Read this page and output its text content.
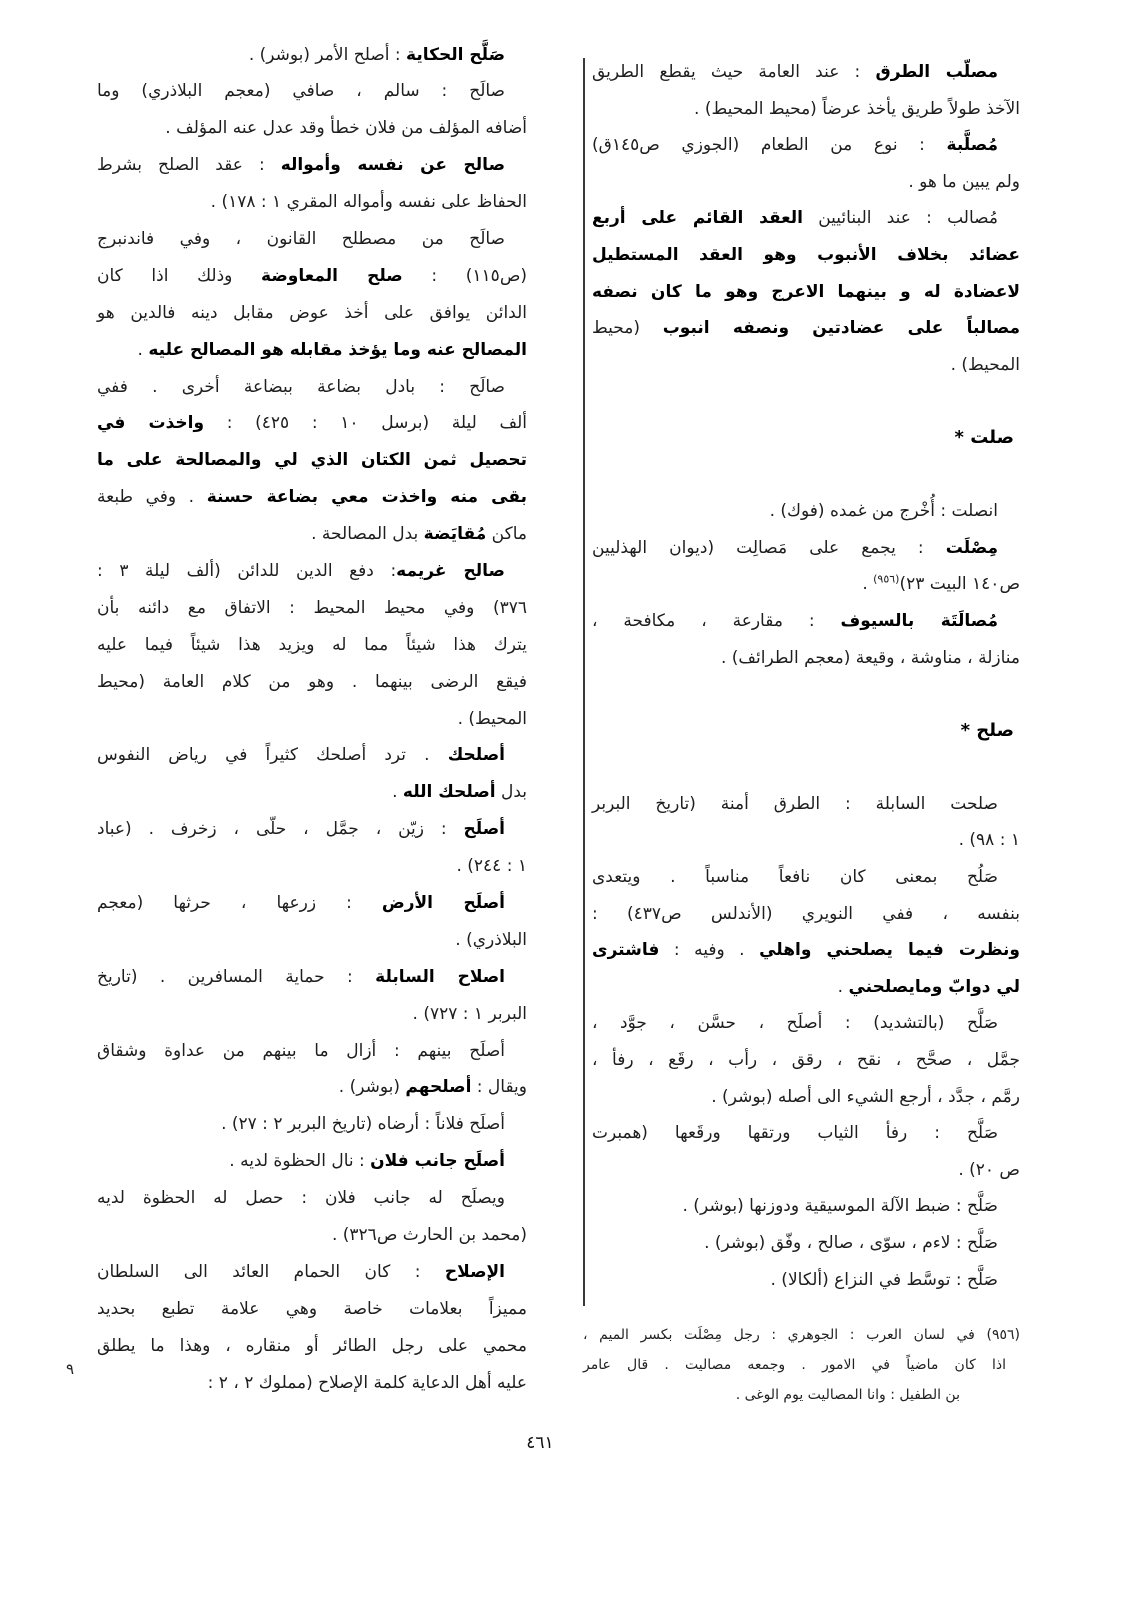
مصلّب الطرق : عند العامة حيث يقطع الطريق
الآخذ طولاً طريق يأخذ عرضاً (محيط المحيط) .
مُصلَّبة : نوع من الطعام (الجوزي ص١٤٥ق)
ولم يبين ما هو .
مُصالب : عند البنائيين العقد القائم على أربع
عضائد بخلاف الأنبوب وهو العقد المستطيل
لاعضادة له و بينهما الاعرج وهو ما كان نصفه
مصالباً على عضادتين ونصفه انبوب (محيط
المحيط) .
صلت *
انصلت : أُخْرج من غمده (فوك) .
مِصْلَت : يجمع على مَصالِت (ديوان الهذليين
ص١٤٠ البيت ٢٣)$^{(٩٥٦)}$ .
مُصالَتَة بالسيوف : مقارعة ، مكافحة ،
منازلة ، مناوشة ، وقيعة (معجم الطرائف) .
صلح *
صلحت السابلة : الطرق أمنة (تاريخ البربر
١ : ٩٨) .
صَلُح بمعنى كان نافعاً مناسباً . ويتعدى
بنفسه ، ففي النويري (الأندلس ص٤٣٧) :
ونظرت فيما يصلحني واهلي . وفيه : فاشترى
لي دوابّ ومايصلحني .
صَلَّح (بالتشديد) : أصلَح ، حسَّن ، جوَّد ،
جمَّل ، صحَّح ، نقح ، رقق ، رأب ، رقَع ، رفأ ،
رمَّم ، جدَّد ، أرجع الشيء الى أصله (بوشر) .
صَلَّح : رفأ الثياب ورتقها ورقَعها (همبرت
ص ٢٠) .
صَلَّح : ضبط الآلة الموسيقية ودوزنها (بوشر) .
صَلَّح : لاءم ، سوّى ، صالح ، وفّق (بوشر) .
صَلَّح : توسَّط في النزاع (ألكالا) .
(٩٥٦) في لسان العرب : الجوهري : رجل مِصْلَت بكسر الميم ،
اذا كان ماضياً في الامور . وجمعه مصاليت . قال عامر
بن الطفيل : وانا المصاليت يوم الوغى .
صَلَّح الحكاية : أصلح الأمر (بوشر) .
صالَح : سالم ، صافي (معجم البلاذري) وما
أضافه المؤلف من فلان خطأ وقد عدل عنه المؤلف .
صالح عن نفسه وأمواله : عقد الصلح بشرط
الحفاظ على نفسه وأمواله المقري ١ : ١٧٨) .
صالَح من مصطلح القانون ، وفي فاندنبرج
(ص١١٥) : صلح المعاوضة وذلك اذا كان
الدائن يوافق على أخذ عوض مقابل دينه فالدين هو
المصالح عنه وما يؤخذ مقابله هو المصالح عليه .
صالَح : بادل بضاعة ببضاعة أخرى . ففي
ألف ليلة (برسل ١٠ : ٤٢٥) : واخذت في
تحصيل ثمن الكتان الذي لي والمصالحة على ما
بقى منه واخذت معي بضاعة حسنة . وفي طبعة
ماكن مُقايَضة بدل المصالحة .
صالح غريمه: دفع الدين للدائن (ألف ليلة ٣ :
٣٧٦) وفي محيط المحيط : الاتفاق مع دائنه بأن
يترك هذا شيئاً مما له ويزيد هذا شيئاً فيما عليه
فيقع الرضى بينهما . وهو من كلام العامة (محيط
المحيط) .
أصلحك . ترد أصلحك كثيراً في رياض النفوس
بدل أصلحك الله .
أصلَح : زيّن ، جمَّل ، حلّى ، زخرف . (عباد
١ : ٢٤٤) .
أصلَح الأرض : زرعها ، حرثها (معجم
البلاذري) .
اصلاح السابلة : حماية المسافرين . (تاريخ
البربر ١ : ٧٢٧) .
أصلَح بينهم : أزال ما بينهم من عداوة وشقاق
ويقال : أصلحهم (بوشر) .
أصلَح فلاناً : أرضاه (تاريخ البربر ٢ : ٢٧) .
أصلَح جانب فلان : نال الحظوة لديه .
ويصلَح له جانب فلان : حصل له الحظوة لديه
(محمد بن الحارث ص٣٢٦) .
الإصلاح : كان الحمام العائد الى السلطان
مميزاً بعلامات خاصة وهي علامة تطبع بحديد
محمي على رجل الطائر أو منقاره ، وهذا ما يطلق
عليه أهل الدعاية كلمة الإصلاح (مملوك ٢ ، ٢ :
٩
٤٦١
